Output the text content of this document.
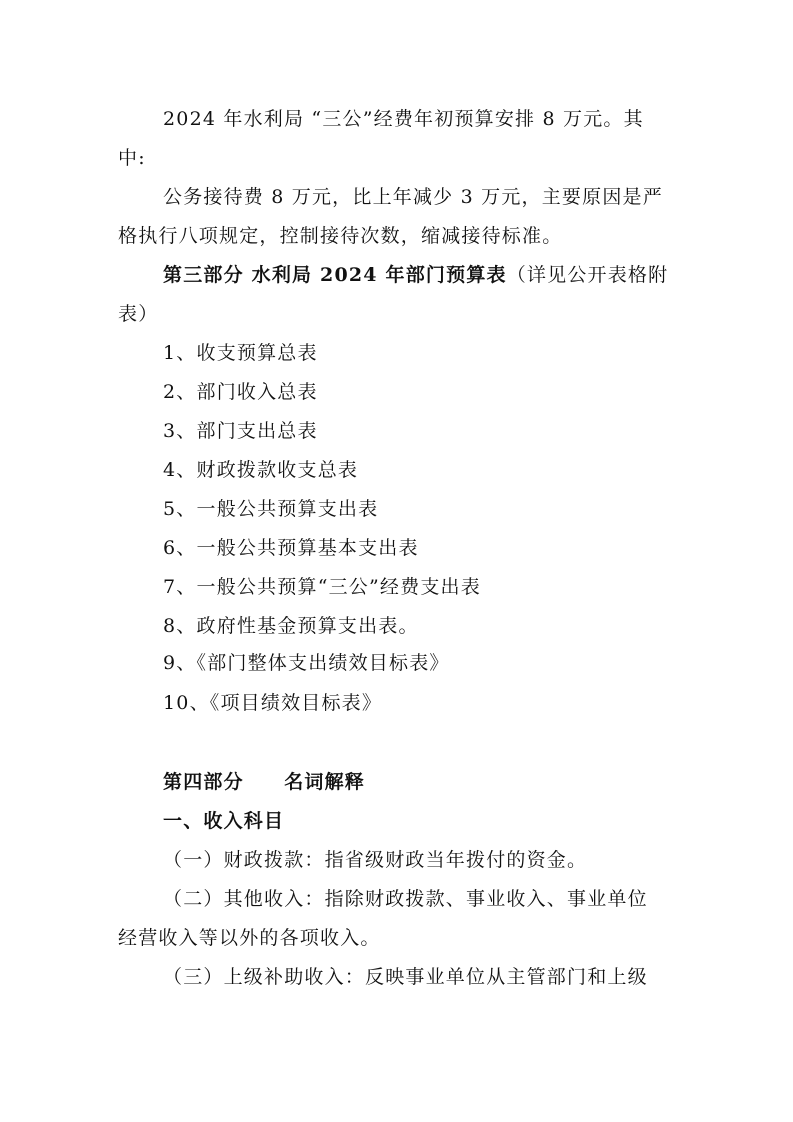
2024 年水利局 “三公”经费年初预算安排 8 万元。其
中:
公务接待费 8 万元，比上年减少 3 万元，主要原因是严
格执行八项规定，控制接待次数，缩减接待标准。
第三部分 水利局 2024 年部门预算表（详见公开表格附
表）
1、收支预算总表
2、部门收入总表
3、部门支出总表
4、财政拨款收支总表
5、一般公共预算支出表
6、一般公共预算基本支出表
7、一般公共预算“三公”经费支出表
8、政府性基金预算支出表。
9、《部门整体支出绩效目标表》
10、《项目绩效目标表》
第四部分　　名词解释
一、收入科目
（一）财政拨款：指省级财政当年拨付的资金。
（二）其他收入：指除财政拨款、事业收入、事业单位
经营收入等以外的各项收入。
（三）上级补助收入：反映事业单位从主管部门和上级
